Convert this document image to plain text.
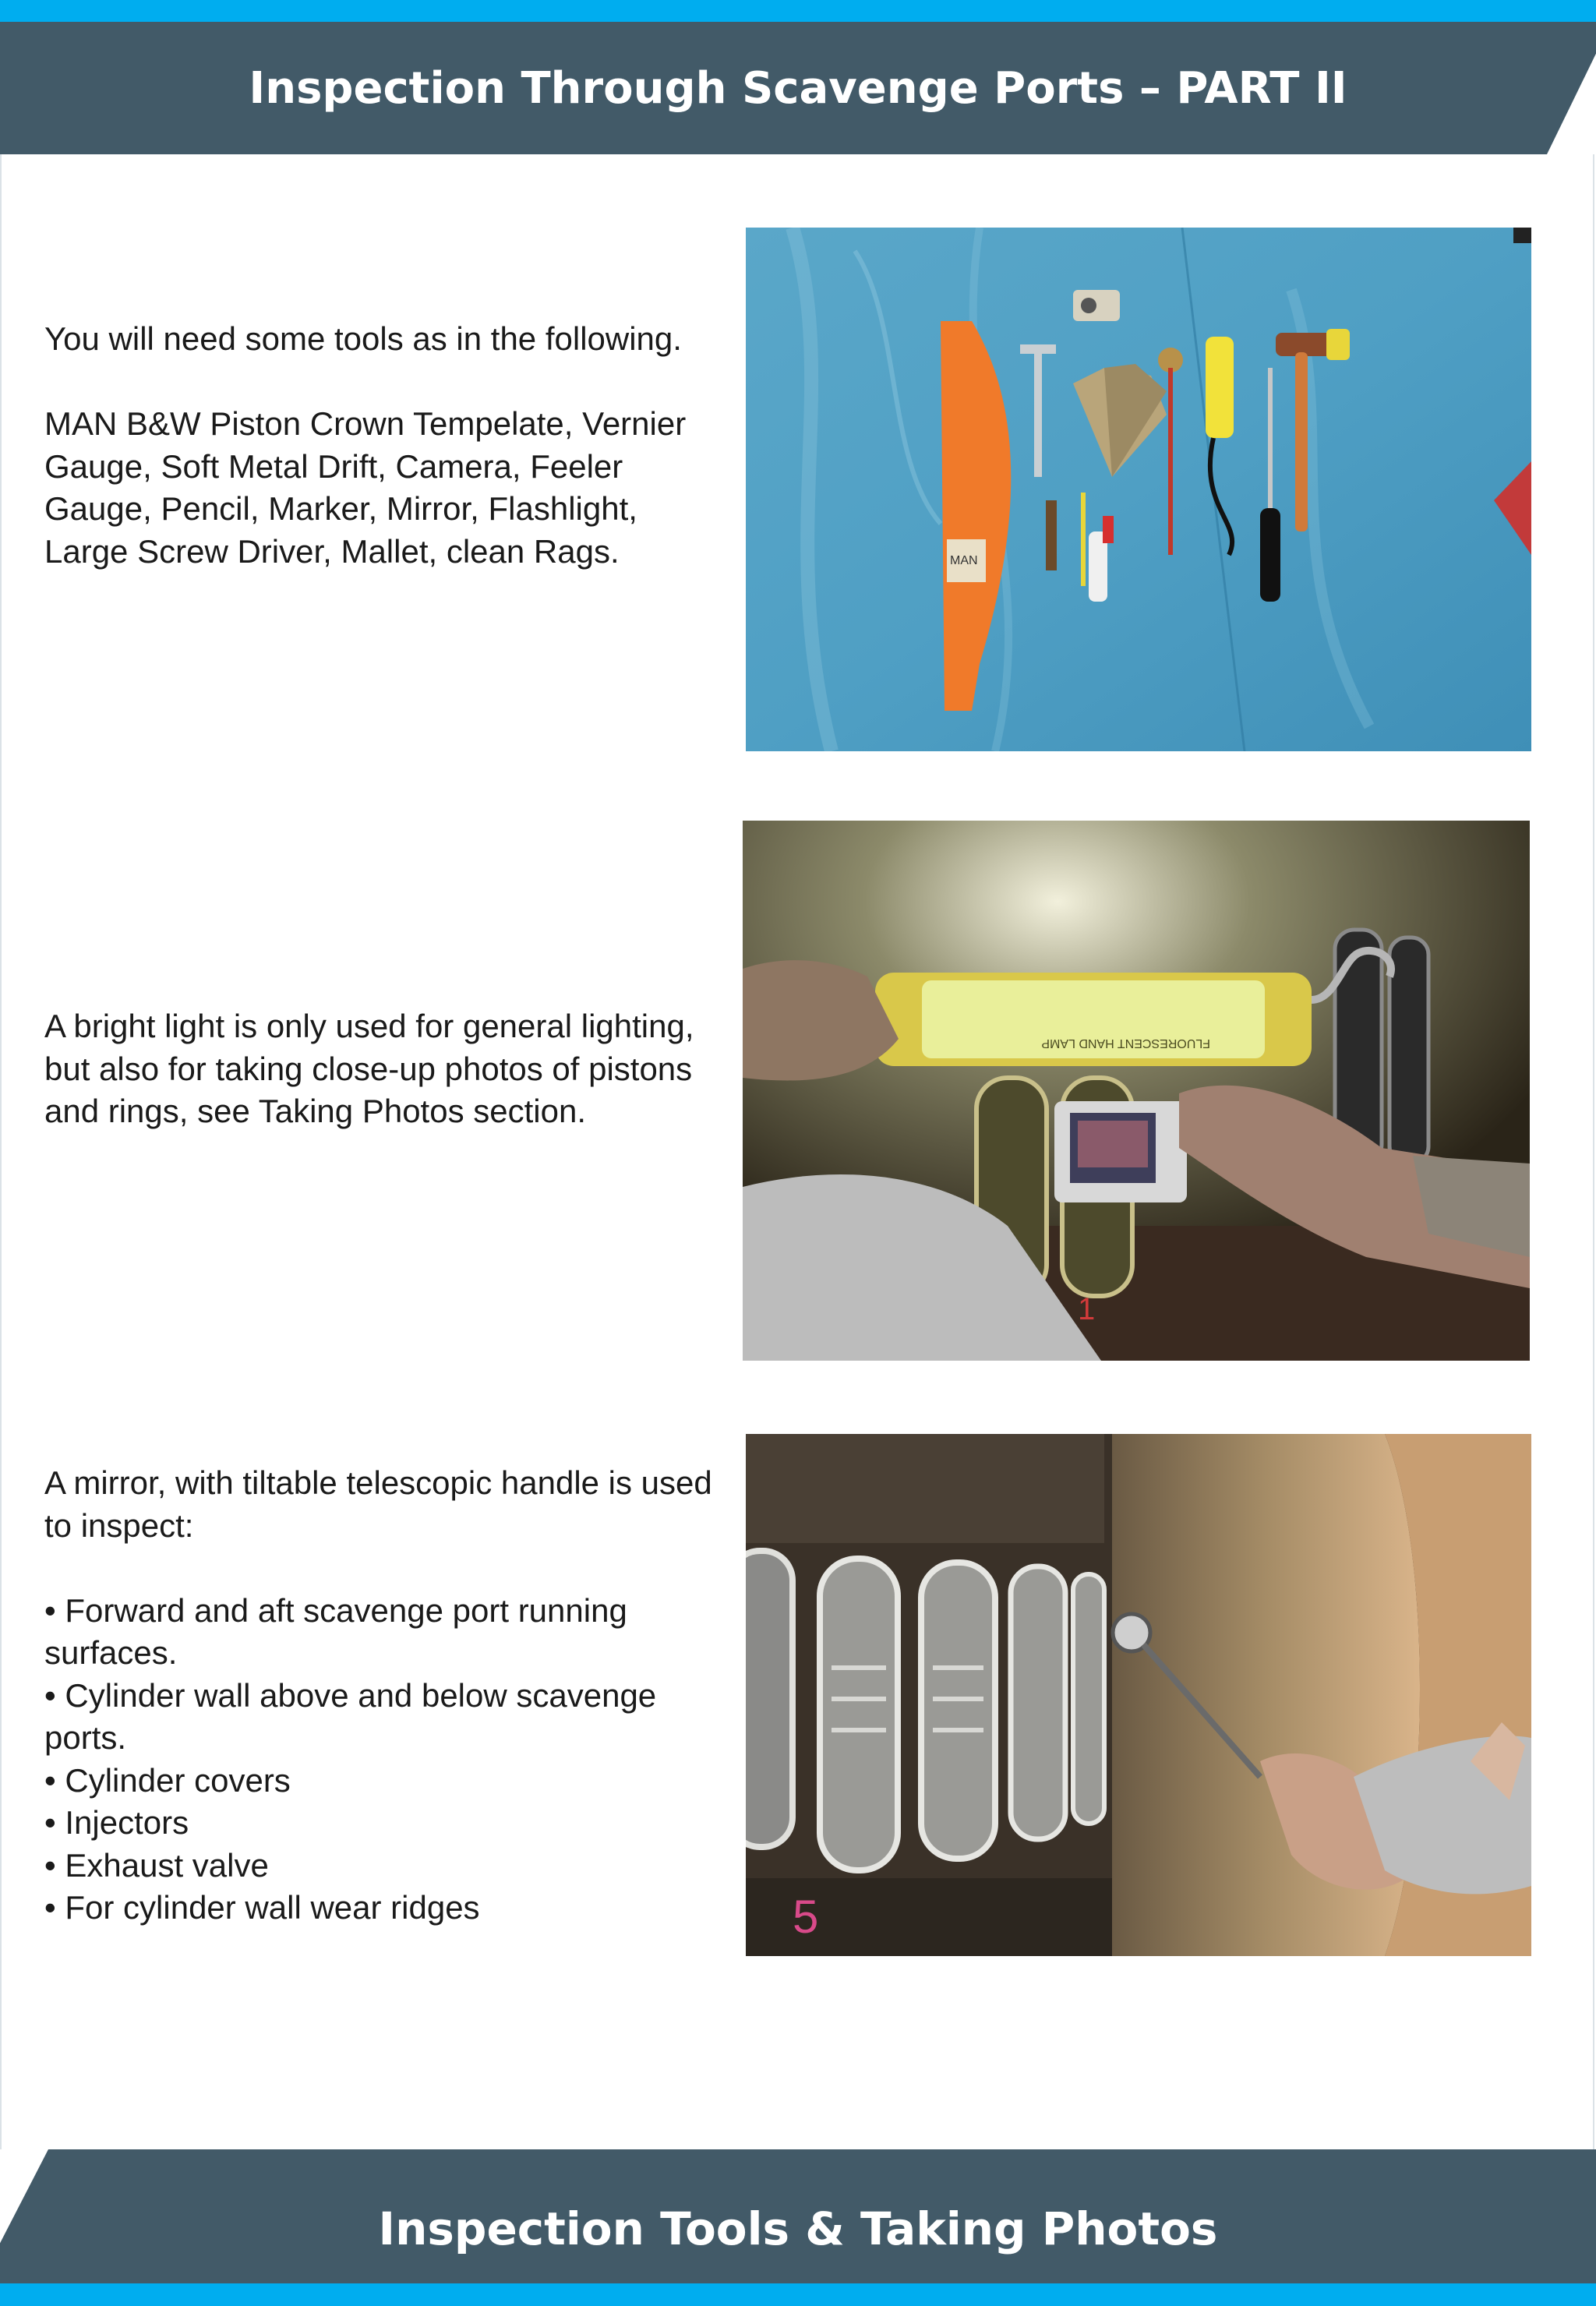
Inspection Through Scavenge Ports – PART II

You will need some tools as in the following.

MAN B&W Piston Crown Tempelate, Vernier Gauge, Soft Metal Drift, Camera, Feeler Gauge, Pencil, Marker, Mirror, Flashlight, Large Screw Driver, Mallet, clean Rags.	MAN

A bright light is only used for general lighting, but also for taking close-up photos of pistons and rings, see Taking Photos section.

FLUORESCENT HAND LAMP
1

A mirror, with tiltable telescopic handle is used to inspect:

• Forward and aft scavenge port running surfaces.

• Cylinder wall above and below scavenge ports.

• Cylinder covers

• Injectors

• Exhaust valve

• For cylinder wall wear ridges	5
Inspection Tools & Taking Photos
